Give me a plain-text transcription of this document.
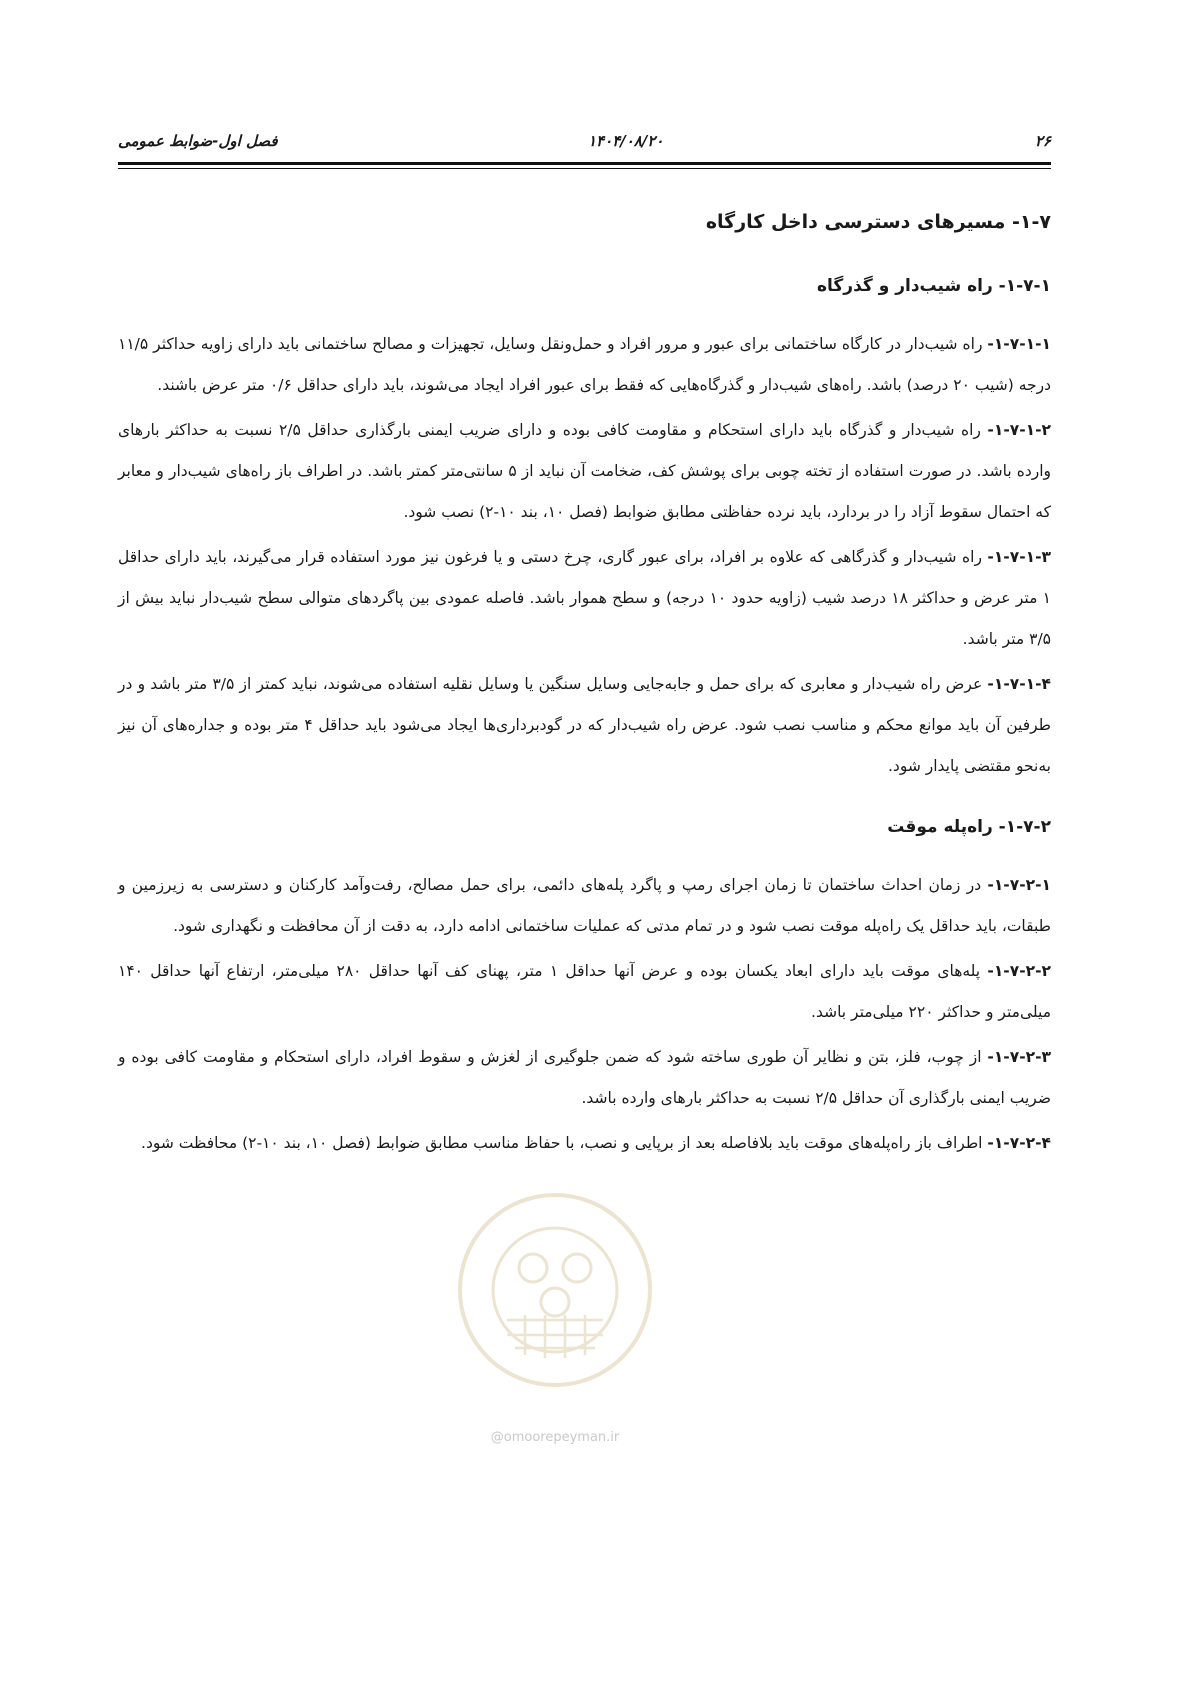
فصل اول-ضوابط عمومی	۱۴۰۴/۰۸/۲۰	۲۶
۱-۷- مسیرهای دسترسی داخل کارگاه
۱-۷-۱- راه شیب‌دار و گذرگاه

۱-۷-۱-۱- راه شیب‌دار در کارگاه ساختمانی برای عبور و مرور افراد و حمل‌ونقل وسایل، تجهیزات و مصالح ساختمانی باید دارای زاویه حداکثر ۱۱/۵ درجه (شیب ۲۰ درصد) باشد. راه‌های شیب‌دار و گذرگاه‌هایی که فقط برای عبور افراد ایجاد می‌شوند، باید دارای حداقل ۰/۶ متر عرض باشند.

۱-۷-۱-۲- راه شیب‌دار و گذرگاه باید دارای استحکام و مقاومت کافی بوده و دارای ضریب ایمنی بارگذاری حداقل ۲/۵ نسبت به حداکثر بارهای وارده باشد. در صورت استفاده از تخته چوبی برای پوشش کف، ضخامت آن نباید از ۵ سانتی‌متر کمتر باشد. در اطراف باز راه‌های شیب‌دار و معابر که احتمال سقوط آزاد را در بردارد، باید نرده حفاظتی مطابق ضوابط (فصل ۱۰، بند ۱۰-۲) نصب شود.

۱-۷-۱-۳- راه شیب‌دار و گذرگاهی که علاوه بر افراد، برای عبور گاری، چرخ دستی و یا فرغون نیز مورد استفاده قرار می‌گیرند، باید دارای حداقل ۱ متر عرض و حداکثر ۱۸ درصد شیب (زاویه حدود ۱۰ درجه) و سطح هموار باشد. فاصله عمودی بین پاگردهای متوالی سطح شیب‌دار نباید بیش از ۳/۵ متر باشد.

۱-۷-۱-۴- عرض راه شیب‌دار و معابری که برای حمل و جابه‌جایی وسایل سنگین یا وسایل نقلیه استفاده می‌شوند، نباید کمتر از ۳/۵ متر باشد و در طرفین آن باید موانع محکم و مناسب نصب شود. عرض راه شیب‌دار که در گودبرداری‌ها ایجاد می‌شود باید حداقل ۴ متر بوده و جداره‌های آن نیز به‌نحو مقتضی پایدار شود.

۱-۷-۲- راه‌پله موقت

۱-۷-۲-۱- در زمان احداث ساختمان تا زمان اجرای رمپ و پاگرد پله‌های دائمی، برای حمل مصالح، رفت‌وآمد کارکنان و دسترسی به زیرزمین و طبقات، باید حداقل یک راه‌پله موقت نصب شود و در تمام مدتی که عملیات ساختمانی ادامه دارد، به دقت از آن محافظت و نگهداری شود.

۱-۷-۲-۲- پله‌های موقت باید دارای ابعاد یکسان بوده و عرض آنها حداقل ۱ متر، پهنای کف آنها حداقل ۲۸۰ میلی‌متر، ارتفاع آنها حداقل ۱۴۰ میلی‌متر و حداکثر ۲۲۰ میلی‌متر باشد.

۱-۷-۲-۳- از چوب، فلز، بتن و نظایر آن طوری ساخته شود که ضمن جلوگیری از لغزش و سقوط افراد، دارای استحکام و مقاومت کافی بوده و ضریب ایمنی بارگذاری آن حداقل ۲/۵ نسبت به حداکثر بارهای وارده باشد.

۱-۷-۲-۴- اطراف باز راه‌پله‌های موقت باید بلافاصله بعد از برپایی و نصب، با حفاظ مناسب مطابق ضوابط (فصل ۱۰، بند ۱۰-۲) محافظت شود.

@omoorepeyman.ir
